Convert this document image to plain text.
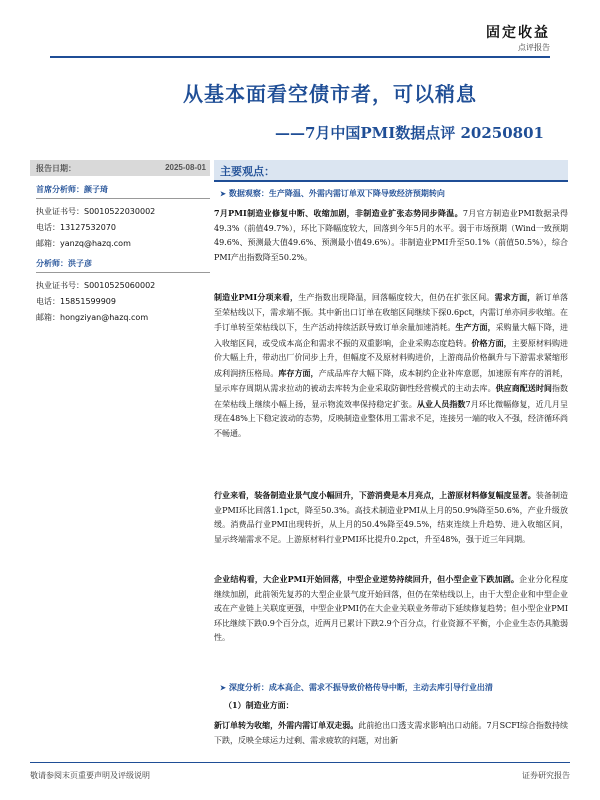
固定收益
点评报告
从基本面看空债市者，可以稍息
——7月中国PMI数据点评 20250801
报告日期：	2025-08-01
首席分析师：颜子琦
执业证书号：S0010522030002
电话：13127532070
邮箱：yanzq@hazq.com
分析师：洪子彦
执业证书号：S0010525060002
电话：15851599909
邮箱：hongziyan@hazq.com
主要观点：
➤ 数据观察：生产降温、外需内需订单双下降导致经济预期转向
7月PMI制造业修复中断、收缩加剧，非制造业扩张态势同步降温。7月官方制造业PMI数据录得49.3%（前值49.7%），环比下降幅度较大，回落到今年5月的水平。弱于市场预期（Wind一致预期49.6%、预测最大值49.6%、预测最小值49.6%）。非制造业PMI升至50.1%（前值50.5%），综合PMI产出指数降至50.2%。
制造业PMI分项来看，生产指数出现降温，回落幅度较大，但仍在扩张区间。需求方面，新订单落至荣枯线以下，需求端不振。其中新出口订单在收缩区间继续下探0.6pct，内需订单亦同步收缩。在手订单转至荣枯线以下，生产活动持续活跃导致订单余量加速消耗。生产方面，采购量大幅下降，进入收缩区间，或受成本高企和需求不振的双重影响，企业采购态度趋转。价格方面，主要原材料购进价大幅上升，带动出厂价同步上升，但幅度不及原材料购进价，上游商品价格飙升与下游需求紧缩形成利润挤压格局。库存方面，产成品库存大幅下降，成本制约企业补库意愿，加速原有库存的消耗，显示库存周期从需求拉动的被动去库转为企业采取防御性经营模式的主动去库。供应商配送时间指数在荣枯线上继续小幅上扬，显示物流效率保持稳定扩张。从业人员指数7月环比微幅修复，近几月呈现在48%上下稳定波动的态势，反映制造业整体用工需求不足，连接另一端的收入不强，经济循环尚不畅通。
行业来看，装备制造业景气度小幅回升，下游消费是本月亮点，上游原材料修复幅度显著。装备制造业PMI环比回落1.1pct，降至50.3%。高技术制造业PMI从上月的50.9%降至50.6%，产业升级放缓。消费品行业PMI出现转折，从上月的50.4%降至49.5%，结束连续上升趋势、进入收缩区间，显示终端需求不足。上游原材料行业PMI环比提升0.2pct，升至48%，强于近三年同期。
企业结构看，大企业PMI开始回落，中型企业逆势持续回升，但小型企业下跌加剧。企业分化程度继续加剧，此前领先复苏的大型企业景气度开始回落，但仍在荣枯线以上，由于大型企业和中型企业或在产业链上关联度更强，中型企业PMI仍在大企业关联业务带动下延续修复趋势；但小型企业PMI环比继续下跌0.9个百分点，近两月已累计下跌2.9个百分点，行业资源不平衡，小企业生态仍具脆弱性。
➤ 深度分析：成本高企、需求不振导致价格传导中断，主动去库引导行业出清
（1）制造业方面：
新订单转为收缩，外需内需订单双走弱。此前抢出口透支需求影响出口动能。7月SCFI综合指数持续下跌，反映全球运力过剩、需求疲软的问题，对出新
敬请参阅末页重要声明及评级说明	证券研究报告
